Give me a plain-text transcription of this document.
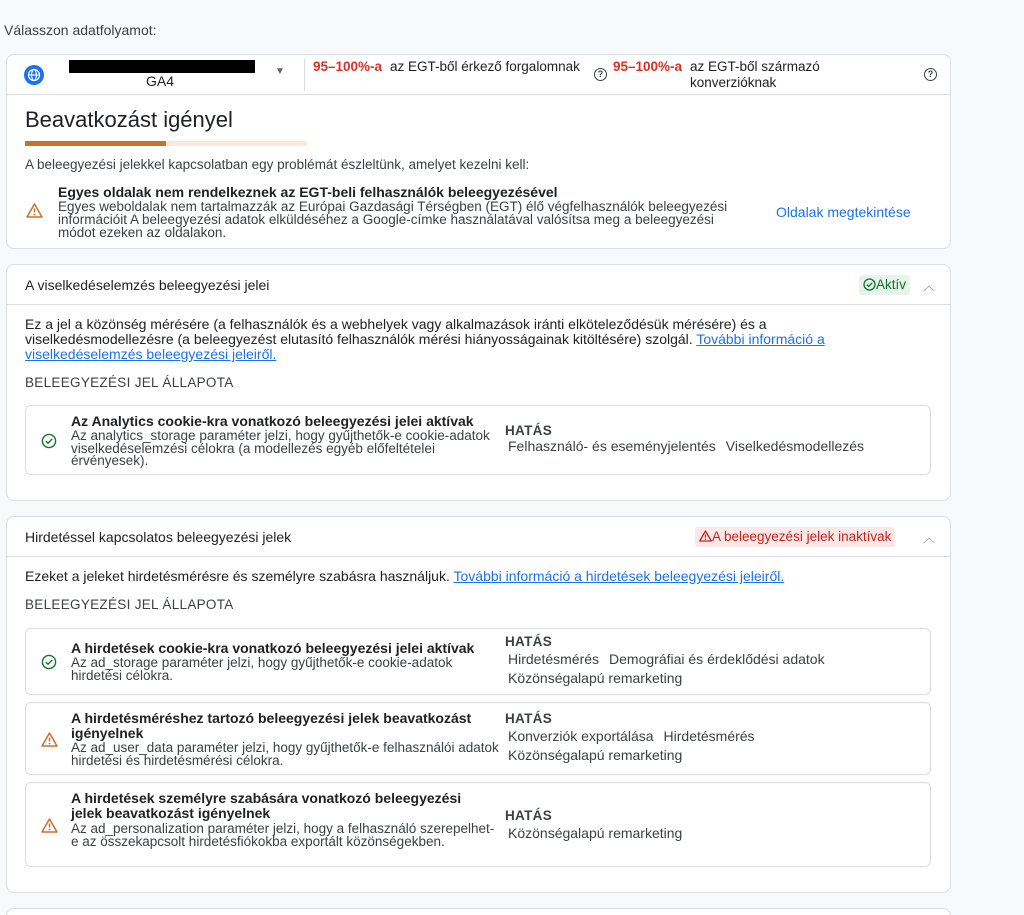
Válasszon adatfolyamot:
GA4
▼ 95–100%-a az EGT-ből érkező forgalomnak	? 95–100%-a az EGT-ből származó konverzióknak
?
Beavatkozást igényel
A beleegyezési jelekkel kapcsolatban egy problémát észleltünk, amelyet kezelni kell:
Egyes oldalak nem rendelkeznek az EGT-beli felhasználók beleegyezésével
Egyes weboldalak nem tartalmazzák az Európai Gazdasági Térségben (EGT) élő végfelhasználók beleegyezési információit A beleegyezési adatok elküldéséhez a Google-címke használatával valósítsa meg a beleegyezési módot ezeken az oldalakon.
Oldalak megtekintése
A viselkedéselemzés beleegyezési jelei	Aktív	︿
Ez a jel a közönség mérésére (a felhasználók és a webhelyek vagy alkalmazások iránti elköteleződésük mérésére) és a viselkedésmodellezésre (a beleegyezést elutasító felhasználók mérési hiányosságainak kitöltésére) szolgál. További információ a viselkedéselemzés beleegyezési jeleiről.
BELEEGYEZÉSI JEL ÁLLAPOTA
Az Analytics cookie-kra vonatkozó beleegyezési jelei aktívak
Az analytics_storage paraméter jelzi, hogy gyűjthetők-e cookie-adatok viselkedéselemzési célokra (a modellezés egyéb előfeltételei érvényesek).
HATÁS
Felhasználó- és eseményjelentés Viselkedésmodellezés
Hirdetéssel kapcsolatos beleegyezési jelek	A beleegyezési jelek inaktívak	︿
Ezeket a jeleket hirdetésmérésre és személyre szabásra használjuk. További információ a hirdetések beleegyezési jeleiről.
BELEEGYEZÉSI JEL ÁLLAPOTA
A hirdetések cookie-kra vonatkozó beleegyezési jelei aktívak
Az ad_storage paraméter jelzi, hogy gyűjthetők-e cookie-adatok hirdetési célokra.
HATÁS
Hirdetésmérés Demográfiai és érdeklődési adatokKözönségalapú remarketing
A hirdetésméréshez tartozó beleegyezési jelek beavatkozást igényelnek
Az ad_user_data paraméter jelzi, hogy gyűjthetők-e felhasználói adatok hirdetési és hirdetésmérési célokra.
HATÁS
Konverziók exportálása HirdetésmérésKözönségalapú remarketing
A hirdetések személyre szabására vonatkozó beleegyezési jelek beavatkozást igényelnek
Az ad_personalization paraméter jelzi, hogy a felhasználó szerepelhet-e az összekapcsolt hirdetésfiókokba exportált közönségekben.
HATÁS
Közönségalapú remarketing
